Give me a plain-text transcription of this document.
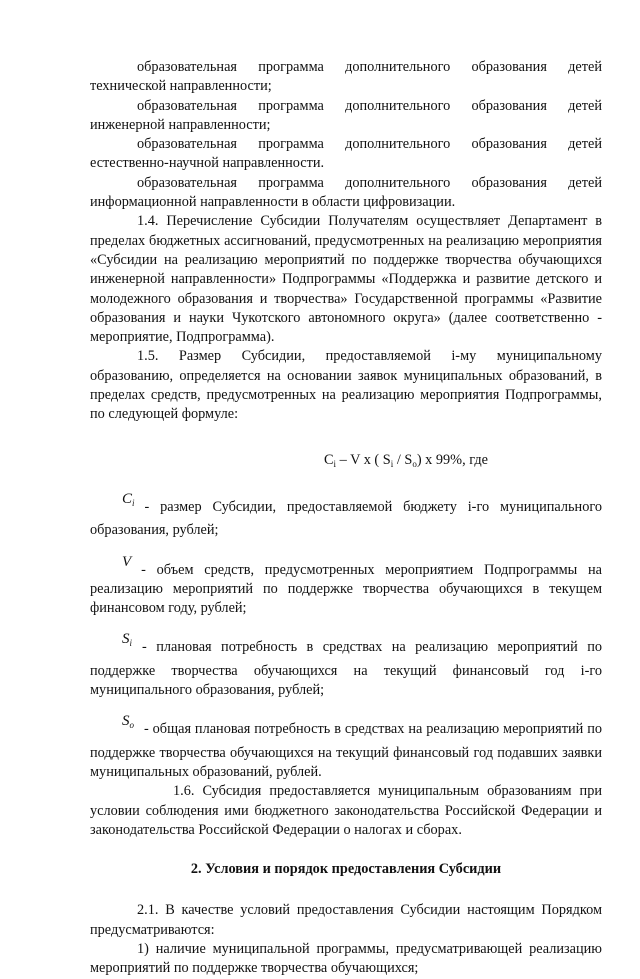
образовательная программа дополнительного образования детей технической направленности;

образовательная программа дополнительного образования детей инженерной направленности;

образовательная программа дополнительного образования детей естественно-научной направленности.

образовательная программа дополнительного образования детей информационной направленности в области цифровизации.

1.4. Перечисление Субсидии Получателям осуществляет Департамент в пределах бюджетных ассигнований, предусмотренных на реализацию мероприятия «Субсидии на реализацию мероприятий по поддержке творчества обучающихся инженерной направленности» Подпрограммы «Поддержка и развитие детского и молодежного образования и творчества» Государственной программы «Развитие образования и науки Чукотского автономного округа» (далее соответственно - мероприятие, Подпрограмма).

1.5. Размер Субсидии, предоставляемой i-му муниципальному образованию, определяется на основании заявок муниципальных образований, в пределах средств, предусмотренных на реализацию мероприятия Подпрограммы, по следующей формуле:

$C_i$ – V x ( $S_i / S_o$) x 99%, где

$C_i$ - размер Субсидии, предоставляемой бюджету i-го муниципального образования, рублей;

V - объем средств, предусмотренных мероприятием Подпрограммы на реализацию мероприятий по поддержке творчества обучающихся в текущем финансовом году, рублей;

$S_i$ - плановая потребность в средствах на реализацию мероприятий по поддержке творчества обучающихся на текущий финансовый год i-го муниципального образования, рублей;

$S_o$ - общая плановая потребность в средствах на реализацию мероприятий по поддержке творчества обучающихся на текущий финансовый год подавших заявки муниципальных образований, рублей.

1.6. Субсидия предоставляется муниципальным образованиям при условии соблюдения ими бюджетного законодательства Российской Федерации и законодательства Российской Федерации о налогах и сборах.

2. Условия и порядок предоставления Субсидии

2.1. В качестве условий предоставления Субсидии настоящим Порядком предусматриваются:

1) наличие муниципальной программы, предусматривающей реализацию мероприятий по поддержке творчества обучающихся;
